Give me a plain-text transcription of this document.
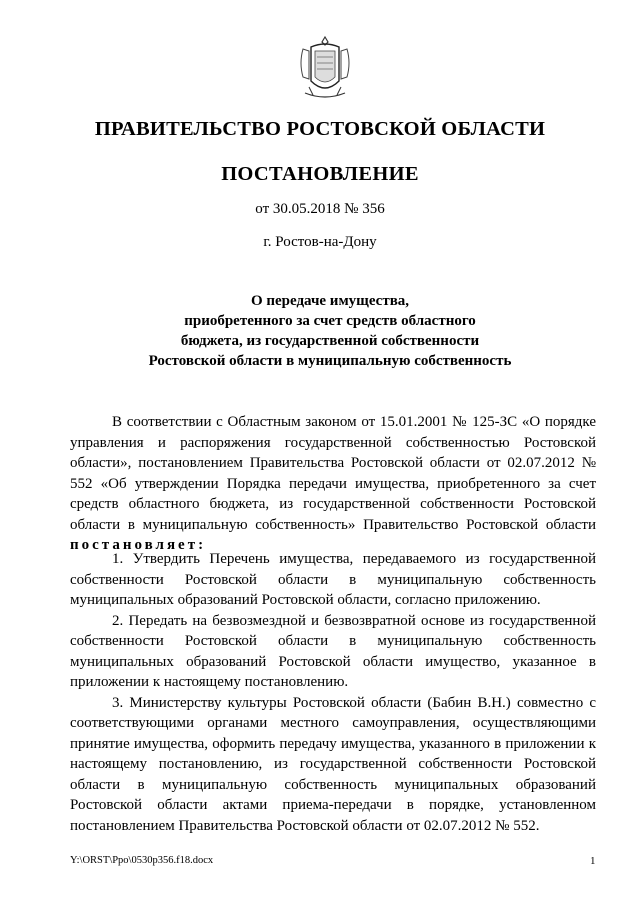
ПРАВИТЕЛЬСТВО РОСТОВСКОЙ ОБЛАСТИ
ПОСТАНОВЛЕНИЕ
от 30.05.2018 № 356
г. Ростов-на-Дону
О передаче имущества,
приобретенного за счет средств областного
бюджета, из государственной собственности
Ростовской области в муниципальную собственность

В соответствии с Областным законом от 15.01.2001 № 125-ЗС «О порядке управления и распоряжения государственной собственностью Ростовской области», постановлением Правительства Ростовской области от 02.07.2012 № 552 «Об утверждении Порядка передачи имущества, приобретенного за счет средств областного бюджета, из государственной собственности Ростовской области в муниципальную собственность» Правительство Ростовской области постановляет:

1. Утвердить Перечень имущества, передаваемого из государственной собственности Ростовской области в муниципальную собственность муниципальных образований Ростовской области, согласно приложению.

2. Передать на безвозмездной и безвозвратной основе из государственной собственности Ростовской области в муниципальную собственность муниципальных образований Ростовской области имущество, указанное в приложении к настоящему постановлению.

3. Министерству культуры Ростовской области (Бабин В.Н.) совместно с соответствующими органами местного самоуправления, осуществляющими принятие имущества, оформить передачу имущества, указанного в приложении к настоящему постановлению, из государственной собственности Ростовской области в муниципальную собственность муниципальных образований Ростовской области актами приема-передачи в порядке, установленном постановлением Правительства Ростовской области от 02.07.2012 № 552.

Y:\ORST\Ppo\0530p356.f18.docx	1
